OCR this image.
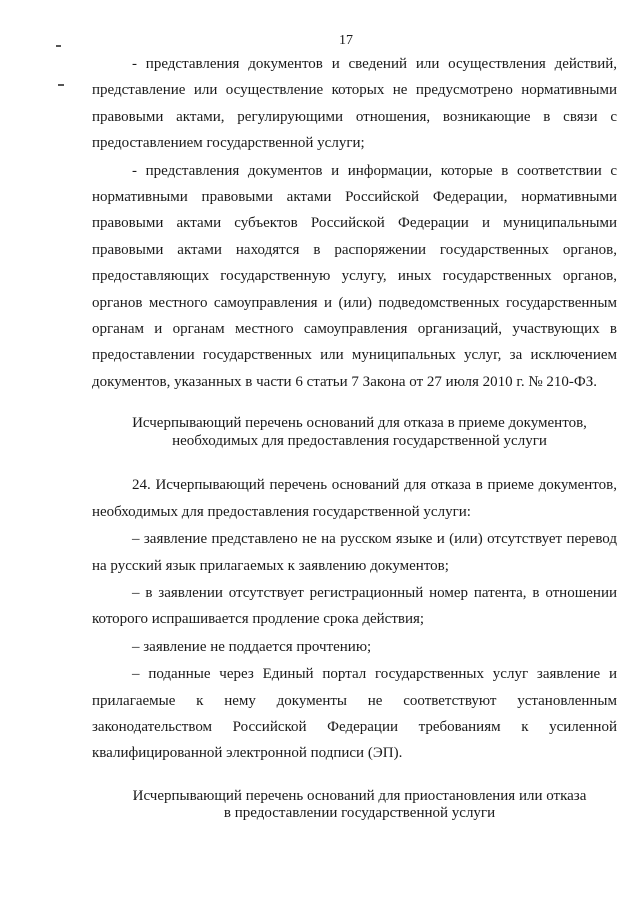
17

- представления документов и сведений или осуществления действий, представление или осуществление которых не предусмотрено нормативными правовыми актами, регулирующими отношения, возникающие в связи с предоставлением государственной услуги;

- представления документов и информации, которые в соответствии с нормативными правовыми актами Российской Федерации, нормативными правовыми актами субъектов Российской Федерации и муниципальными правовыми актами находятся в распоряжении государственных органов, предоставляющих государственную услугу, иных государственных органов, органов местного самоуправления и (или) подведомственных государственным органам и органам местного самоуправления организаций, участвующих в предоставлении государственных или муниципальных услуг, за исключением документов, указанных в части 6 статьи 7 Закона от 27 июля 2010 г. № 210-ФЗ.

Исчерпывающий перечень оснований для отказа в приеме документов,
необходимых для предоставления государственной услуги

24. Исчерпывающий перечень оснований для отказа в приеме документов, необходимых для предоставления государственной услуги:

– заявление представлено не на русском языке и (или) отсутствует перевод на русский язык прилагаемых к заявлению документов;

– в заявлении отсутствует регистрационный номер патента, в отношении которого испрашивается продление срока действия;

– заявление не поддается прочтению;

– поданные через Единый портал государственных услуг заявление и прилагаемые к нему документы не соответствуют установленным законодательством Российской Федерации требованиям к усиленной квалифицированной электронной подписи (ЭП).

Исчерпывающий перечень оснований для приостановления или отказа
в предоставлении государственной услуги
